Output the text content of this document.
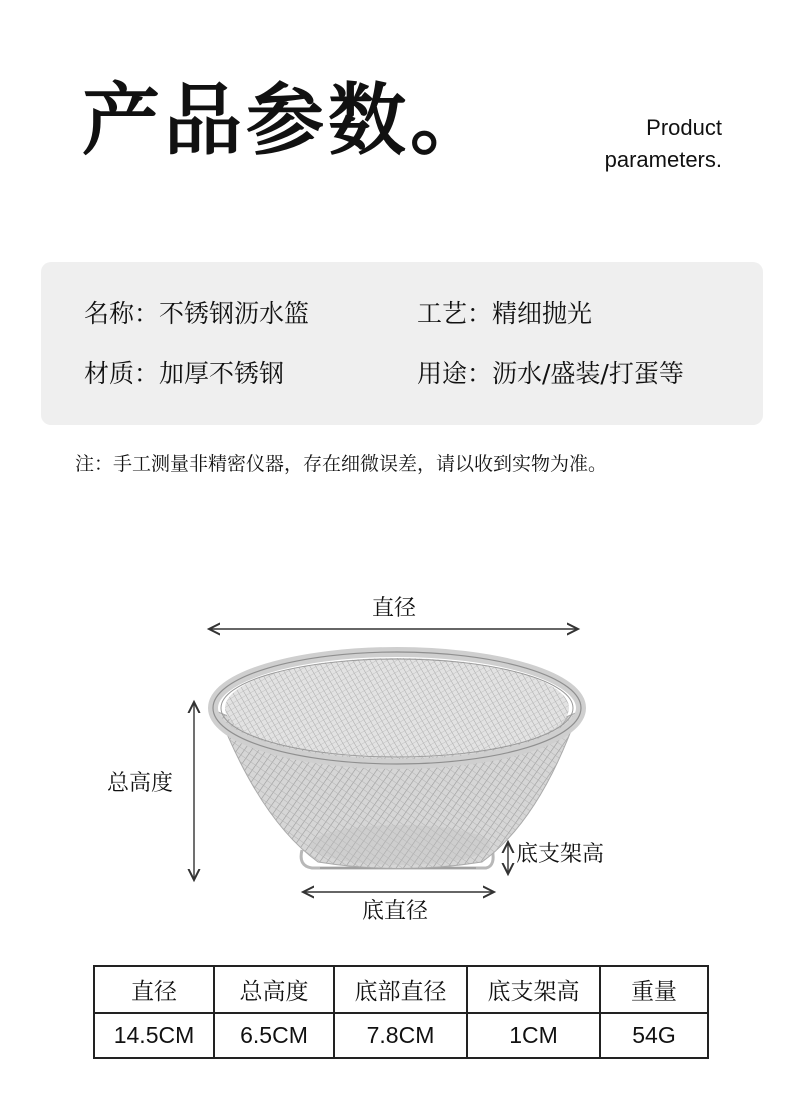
产品参数。	Product
parameters.
名称：不锈钢沥水篮	工艺：精细抛光
材质：加厚不锈钢	用途：沥水/盛装/打蛋等
注：手工测量非精密仪器，存在细微误差，请以收到实物为准。
直径
总高度
底支架高
底直径
直径	总高度	底部直径	底支架高	重量
14.5CM	6.5CM	7.8CM	1CM	54G
